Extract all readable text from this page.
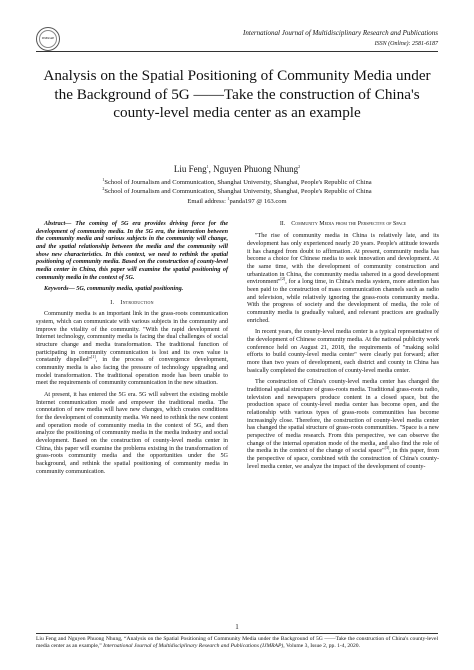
IJMRAP
International Journal of Multidisciplinary Research and Publications
ISSN (Online): 2581-6187
Analysis on the Spatial Positioning of Community Media under the Background of 5G ——Take the construction of China's county-level media center as an example
Liu Feng$^1$, Nguyen Phuong Nhung$^2$
$^1$School of Journalism and Communication, Shanghai University, Shanghai, People's Republic of China
$^2$School of Journalism and Communication, Shanghai University, Shanghai, People's Republic of China
Email address: $^1$panda197 @ 163.com
Abstract— The coming of 5G era provides driving force for the development of community media. In the 5G era, the interaction between the community media and various subjects in the community will change, and the spatial relationship between the media and the community will show new characteristics. In this context, we need to rethink the spatial positioning of community media. Based on the construction of county-level media center in China, this paper will examine the spatial positioning of community media in the context of 5G.
Keywords— 5G, community media, spatial positioning.
I. Introduction

Community media is an important link in the grass-roots communication system, which can communicate with various subjects in the community and improve the vitality of the community. "With the rapid development of Internet technology, community media is facing the dual challenges of social structure change and media transformation. The traditional function of participating in community communication is lost and its own value is constantly dispelled"[1], in the process of convergence development, community media is also facing the pressure of technology upgrading and model transformation. The traditional operation mode has been unable to meet the requirements of community communication in the new situation.

At present, it has entered the 5G era. 5G will subvert the existing mobile Internet communication mode and empower the traditional media. The connotation of new media will have new changes, which creates conditions for the development of community media. We need to rethink the new content and operation mode of community media in the context of 5G, and then analyze the positioning of community media in the media industry and social development. Based on the construction of county-level media center in China, this paper will examine the problems existing in the transformation of grass-roots community media and the opportunities under the 5G background, and rethink the spatial positioning of community media in community communication.

II. Community Media from the Perspective of Space

"The rise of community media in China is relatively late, and its development has only experienced nearly 20 years. People's attitude towards it has changed from doubt to affirmation. At present, community media has become a choice for Chinese media to seek innovation and development. At the same time, with the development of community construction and urbanization in China, the community media ushered in a good development environment"[2], for a long time, in China's media system, more attention has been paid to the construction of mass communication channels such as radio and television, while relatively ignoring the grass-roots community media. With the progress of society and the development of media, the role of community media is gradually valued, and relevant practices are gradually enriched.

In recent years, the county-level media center is a typical representative of the development of Chinese community media. At the national publicity work conference held on August 21, 2018, the requirements of "making solid efforts to build county-level media center" were clearly put forward; after more than two years of development, each district and county in China has basically completed the construction of county-level media center.

The construction of China's county-level media center has changed the traditional spatial structure of grass-roots media. Traditional grass-roots radio, television and newspapers produce content in a closed space, but the production space of county-level media center has become open, and the relationship with various types of grass-roots communities has become increasingly close. Therefore, the construction of county-level media center has changed the spatial structure of grass-roots communities. "Space is a new perspective of media research. From this perspective, we can observe the change of the internal operation mode of the media, and also find the role of the media in the context of the change of social space"[3], in this paper, from the perspective of space, combined with the construction of China's county-level media center, we analyze the impact of the development of county-

1
Liu Feng and Nguyen Phuong Nhung, “Analysis on the Spatial Positioning of Community Media under the Background of 5G ——Take the construction of China's county-level media center as an example,” International Journal of Multidisciplinary Research and Publications (IJMRAP), Volume 3, Issue 2, pp. 1-4, 2020.
